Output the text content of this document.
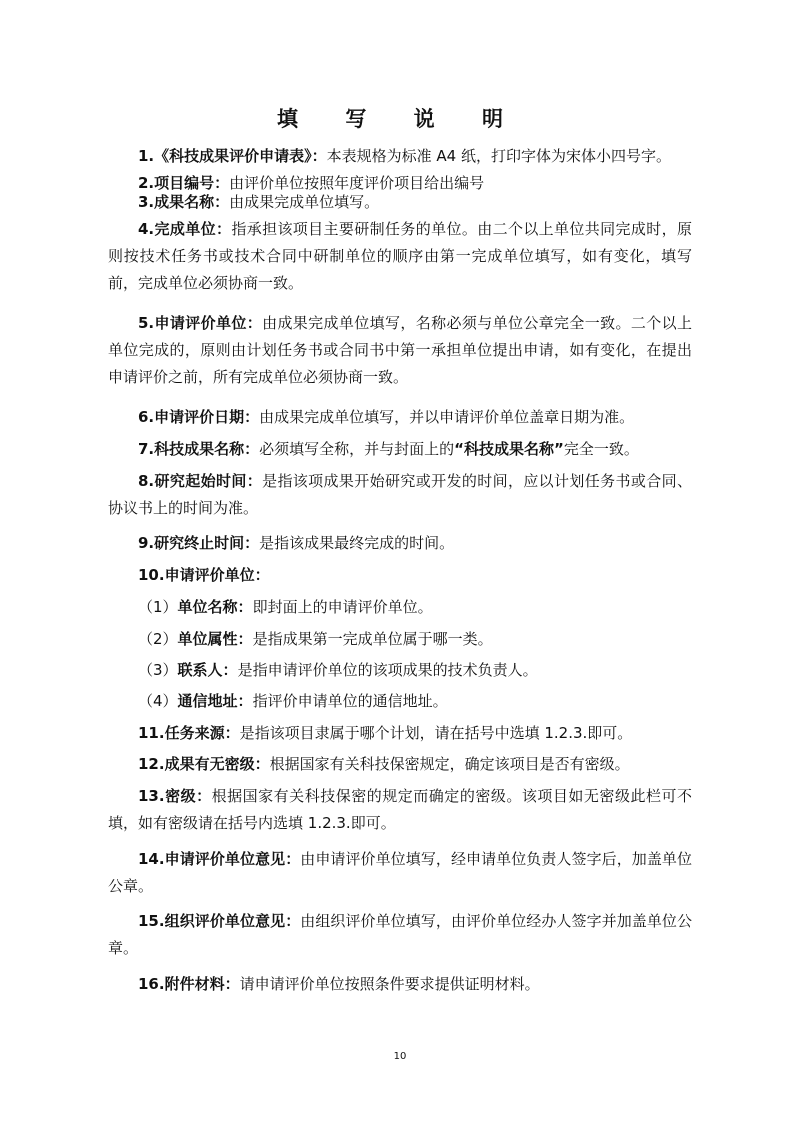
填 写 说 明
1.《科技成果评价申请表》：本表规格为标准 A4 纸，打印字体为宋体小四号字。
2.项目编号：由评价单位按照年度评价项目给出编号
3.成果名称：由成果完成单位填写。
4.完成单位：指承担该项目主要研制任务的单位。由二个以上单位共同完成时，原则按技术任务书或技术合同中研制单位的顺序由第一完成单位填写，如有变化，填写前，完成单位必须协商一致。
5.申请评价单位：由成果完成单位填写，名称必须与单位公章完全一致。二个以上单位完成的，原则由计划任务书或合同书中第一承担单位提出申请，如有变化，在提出申请评价之前，所有完成单位必须协商一致。
6.申请评价日期：由成果完成单位填写，并以申请评价单位盖章日期为准。
7.科技成果名称：必须填写全称，并与封面上的“科技成果名称”完全一致。
8.研究起始时间：是指该项成果开始研究或开发的时间，应以计划任务书或合同、协议书上的时间为准。
9.研究终止时间：是指该成果最终完成的时间。
10.申请评价单位：
（1）单位名称：即封面上的申请评价单位。
（2）单位属性：是指成果第一完成单位属于哪一类。
（3）联系人：是指申请评价单位的该项成果的技术负责人。
（4）通信地址：指评价申请单位的通信地址。
11.任务来源：是指该项目隶属于哪个计划，请在括号中选填 1.2.3.即可。
12.成果有无密级：根据国家有关科技保密规定，确定该项目是否有密级。
13.密级：根据国家有关科技保密的规定而确定的密级。该项目如无密级此栏可不填，如有密级请在括号内选填 1.2.3.即可。
14.申请评价单位意见：由申请评价单位填写，经申请单位负责人签字后，加盖单位公章。
15.组织评价单位意见：由组织评价单位填写，由评价单位经办人签字并加盖单位公章。
16.附件材料：请申请评价单位按照条件要求提供证明材料。
10
